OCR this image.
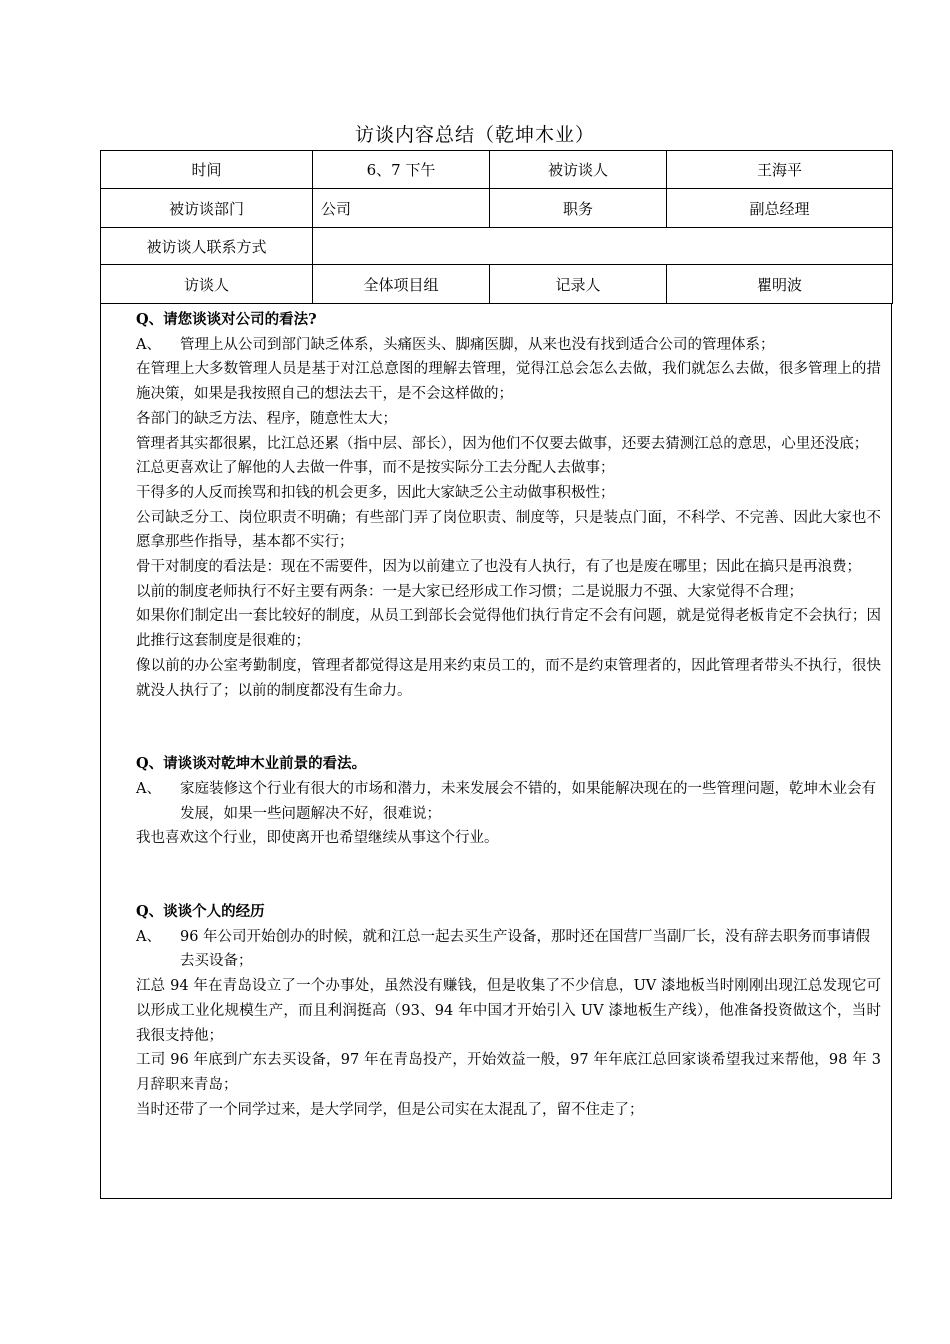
访谈内容总结（乾坤木业）
时间	6、7 下午	被访谈人	王海平
被访谈部门	公司	职务	副总经理
被访谈人联系方式			
访谈人	全体项目组	记录人	瞿明波
Q、请您谈谈对公司的看法?
A、	管理上从公司到部门缺乏体系，头痛医头、脚痛医脚，从来也没有找到适合公司的管理体系；

在管理上大多数管理人员是基于对江总意图的理解去管理，觉得江总会怎么去做，我们就怎么去做，很多管理上的措施决策，如果是我按照自己的想法去干，是不会这样做的；

各部门的缺乏方法、程序，随意性太大；

管理者其实都很累，比江总还累（指中层、部长），因为他们不仅要去做事，还要去猜测江总的意思，心里还没底；

江总更喜欢让了解他的人去做一件事，而不是按实际分工去分配人去做事；

干得多的人反而挨骂和扣钱的机会更多，因此大家缺乏公主动做事积极性；

公司缺乏分工、岗位职责不明确；有些部门弄了岗位职责、制度等，只是装点门面，不科学、不完善、因此大家也不愿拿那些作指导，基本都不实行；

骨干对制度的看法是：现在不需要件，因为以前建立了也没有人执行，有了也是废在哪里；因此在搞只是再浪费；

以前的制度老师执行不好主要有两条：一是大家已经形成工作习惯；二是说服力不强、大家觉得不合理；

如果你们制定出一套比较好的制度，从员工到部长会觉得他们执行肯定不会有问题，就是觉得老板肯定不会执行；因此推行这套制度是很难的；

像以前的办公室考勤制度，管理者都觉得这是用来约束员工的，而不是约束管理者的，因此管理者带头不执行，很快就没人执行了；以前的制度都没有生命力。

Q、请谈谈对乾坤木业前景的看法。
A、	家庭装修这个行业有很大的市场和潜力，未来发展会不错的，如果能解决现在的一些管理问题，乾坤木业会有发展，如果一些问题解决不好，很难说；

我也喜欢这个行业，即使离开也希望继续从事这个行业。

Q、谈谈个人的经历
A、	96 年公司开始创办的时候，就和江总一起去买生产设备，那时还在国营厂当副厂长，没有辞去职务而事请假去买设备；

江总 94 年在青岛设立了一个办事处，虽然没有赚钱，但是收集了不少信息，UV 漆地板当时刚刚出现江总发现它可以形成工业化规模生产，而且利润挺高（93、94 年中国才开始引入 UV 漆地板生产线），他准备投资做这个，当时我很支持他；

工司 96 年底到广东去买设备，97 年在青岛投产，开始效益一般，97 年年底江总回家谈希望我过来帮他，98 年 3 月辞职来青岛；

当时还带了一个同学过来，是大学同学，但是公司实在太混乱了，留不住走了；
